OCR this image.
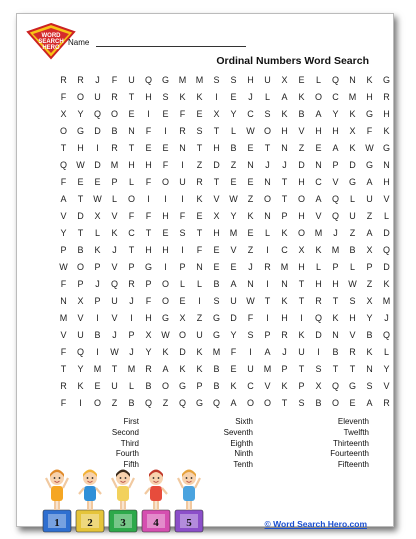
WORD
SEARCH
HERO
Name
Ordinal Numbers Word Search
R	R	J	F	U	Q	G	M	M	S	S	H	U	X	E	L	Q	N	K	G
F	O	U	R	T	H	S	K	K	I	E	J	L	A	K	O	C	M	H	R
X	Y	Q	O	E	I	E	F	E	X	Y	C	S	K	B	A	Y	K	G	H
O	G	D	B	N	F	I	R	S	T	L	W	O	H	V	H	H	X	F	K
T	H	I	R	T	E	E	N	T	H	B	E	T	N	Z	E	A	K	W	G
Q	W	D	M	H	H	F	I	Z	D	Z	N	J	J	D	N	P	D	G	N
F	E	E	P	L	F	O	U	R	T	E	E	N	T	H	C	V	G	A	H
A	T	W	L	O	I	I	I	K	V	W	Z	O	T	O	A	Q	L	U	V
V	D	X	V	F	F	H	F	E	X	Y	K	N	P	H	V	Q	U	Z	L
Y	T	L	K	C	T	E	S	T	H	M	E	L	K	O	M	J	Z	A	D
P	B	K	J	T	H	H	I	F	E	V	Z	I	C	X	K	M	B	X	Q
W	O	P	V	P	G	I	P	N	E	E	J	R	M	H	L	P	L	P	D
F	P	J	Q	R	P	O	L	L	B	A	N	I	N	T	H	H	W	Z	K
N	X	P	U	J	F	O	E	I	S	U	W	T	K	T	R	T	S	X	M
M	V	I	V	I	H	G	X	Z	G	D	F	I	H	I	Q	K	H	Y	J
V	U	B	J	P	X	W	O	U	G	Y	S	P	R	K	D	N	V	B	Q
F	Q	I	W	J	Y	K	D	K	M	F	I	A	J	U	I	B	R	K	L
T	Y	M	T	M	R	A	K	K	B	E	U	M	P	T	S	T	T	N	Y
R	K	E	U	L	B	O	G	P	B	K	C	V	K	P	X	Q	G	S	V
F	I	O	Z	B	Q	Z	Q	G	Q	A	O	O	T	S	B	O	E	A	R
First
Second
Third
Fourth
Fifth
Sixth
Seventh
Eighth
Ninth
Tenth
Eleventh
Twelfth
Thirteenth
Fourteenth
Fifteenth
1	2	3	4	5	© Word Search Hero.com
